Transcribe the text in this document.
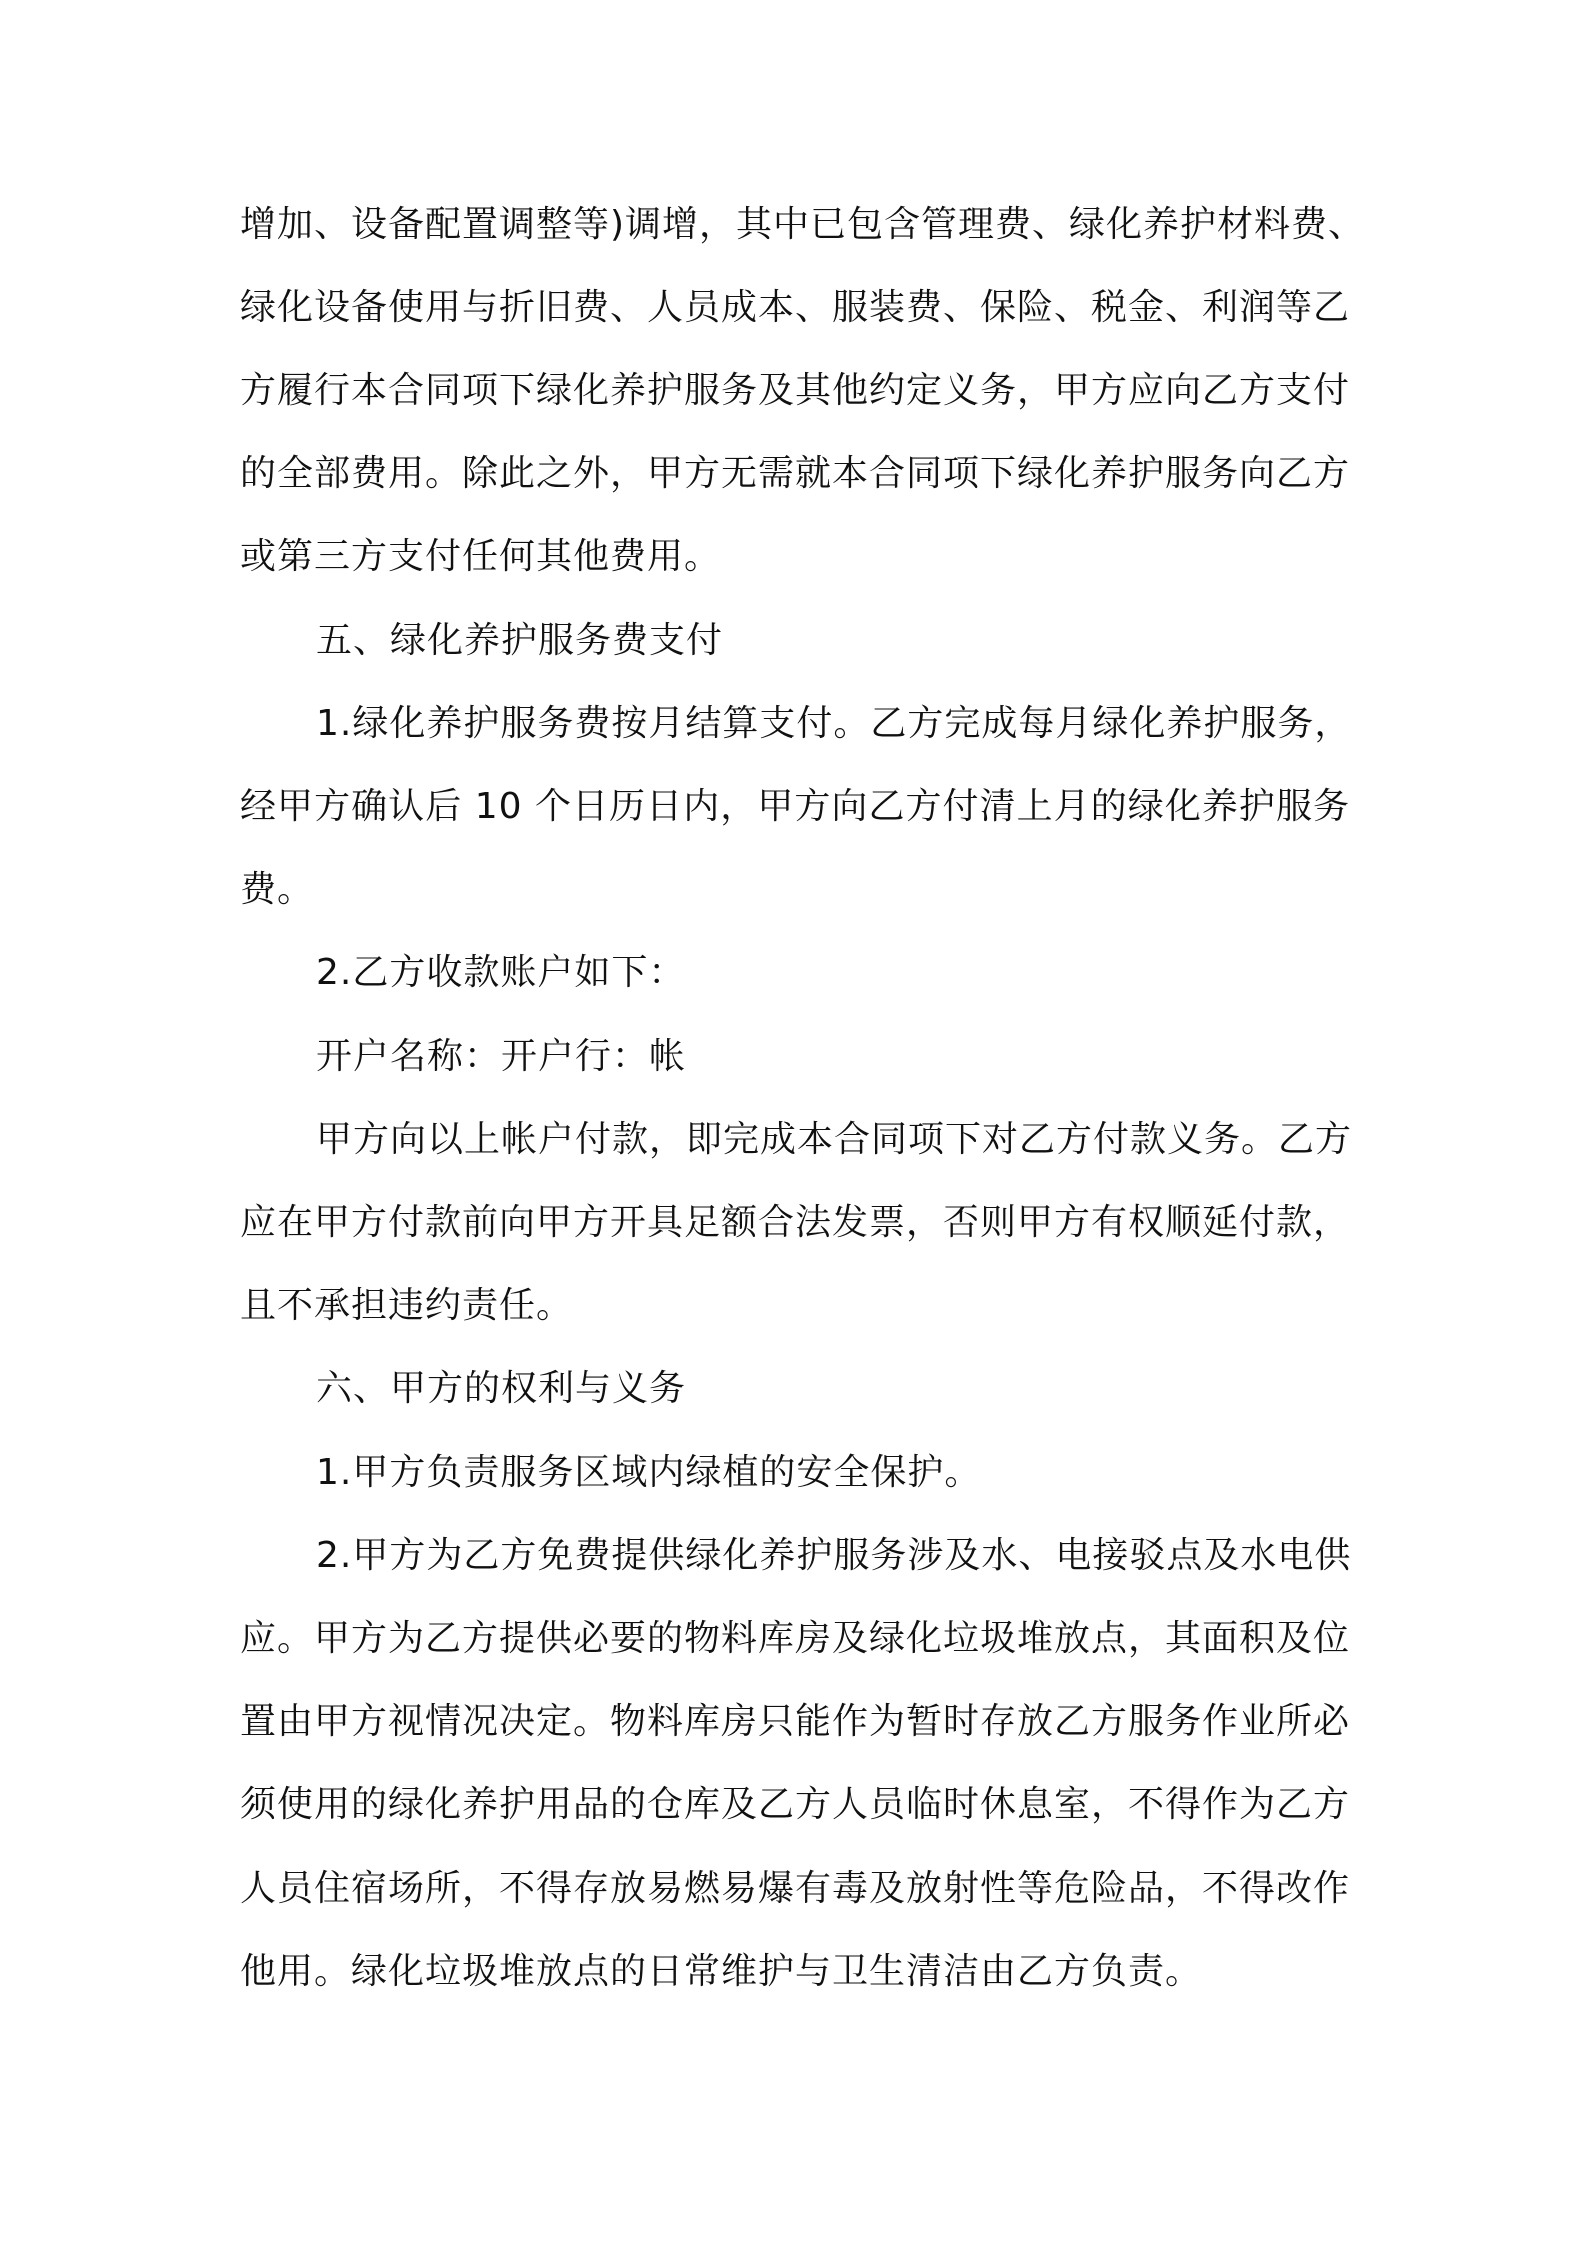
增加、设备配置调整等)调增，其中已包含管理费、绿化养护材料费、
绿化设备使用与折旧费、人员成本、服装费、保险、税金、利润等乙
方履行本合同项下绿化养护服务及其他约定义务，甲方应向乙方支付
的全部费用。除此之外，甲方无需就本合同项下绿化养护服务向乙方
或第三方支付任何其他费用。
五、绿化养护服务费支付
1.绿化养护服务费按月结算支付。乙方完成每月绿化养护服务，
经甲方确认后 10 个日历日内，甲方向乙方付清上月的绿化养护服务
费。
2.乙方收款账户如下：
开户名称：开户行：帐
甲方向以上帐户付款，即完成本合同项下对乙方付款义务。乙方
应在甲方付款前向甲方开具足额合法发票，否则甲方有权顺延付款，
且不承担违约责任。
六、甲方的权利与义务
1.甲方负责服务区域内绿植的安全保护。
2.甲方为乙方免费提供绿化养护服务涉及水、电接驳点及水电供
应。甲方为乙方提供必要的物料库房及绿化垃圾堆放点，其面积及位
置由甲方视情况决定。物料库房只能作为暂时存放乙方服务作业所必
须使用的绿化养护用品的仓库及乙方人员临时休息室，不得作为乙方
人员住宿场所，不得存放易燃易爆有毒及放射性等危险品，不得改作
他用。绿化垃圾堆放点的日常维护与卫生清洁由乙方负责。
